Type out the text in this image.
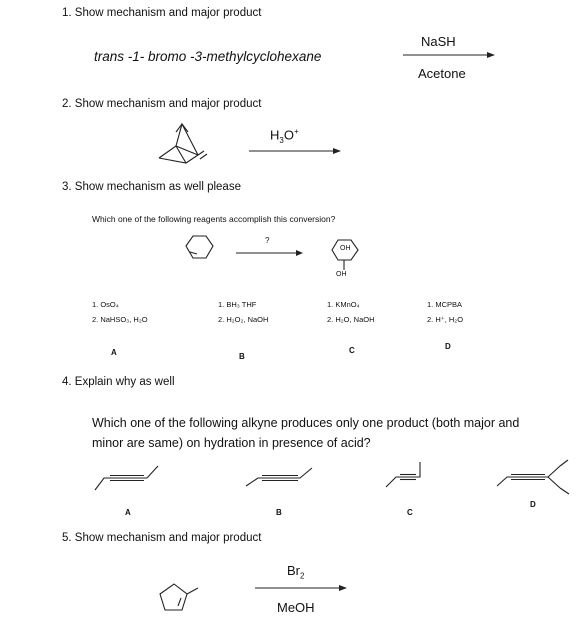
1. Show mechanism and major product
trans -1- bromo -3-methylcyclohexane
NaSH
Acetone
2. Show mechanism and major product
$H_3O^+$
3. Show mechanism as well please
Which one of the following reagents accomplish this conversion?
?
OH
OH
1. OsO₄
2. NaHSO₃, H₂O
A
1. BH₃ THF
2. H₂O₂, NaOH
B
1. KMnO₄
2. H₂O, NaOH
C
1. MCPBA
2. H⁺, H₂O
D
4. Explain why as well
Which one of the following alkyne produces only one product (both major and
minor are same) on hydration in presence of acid?
A	B	C
D
5. Show mechanism and major product
$Br_2$
MeOH
